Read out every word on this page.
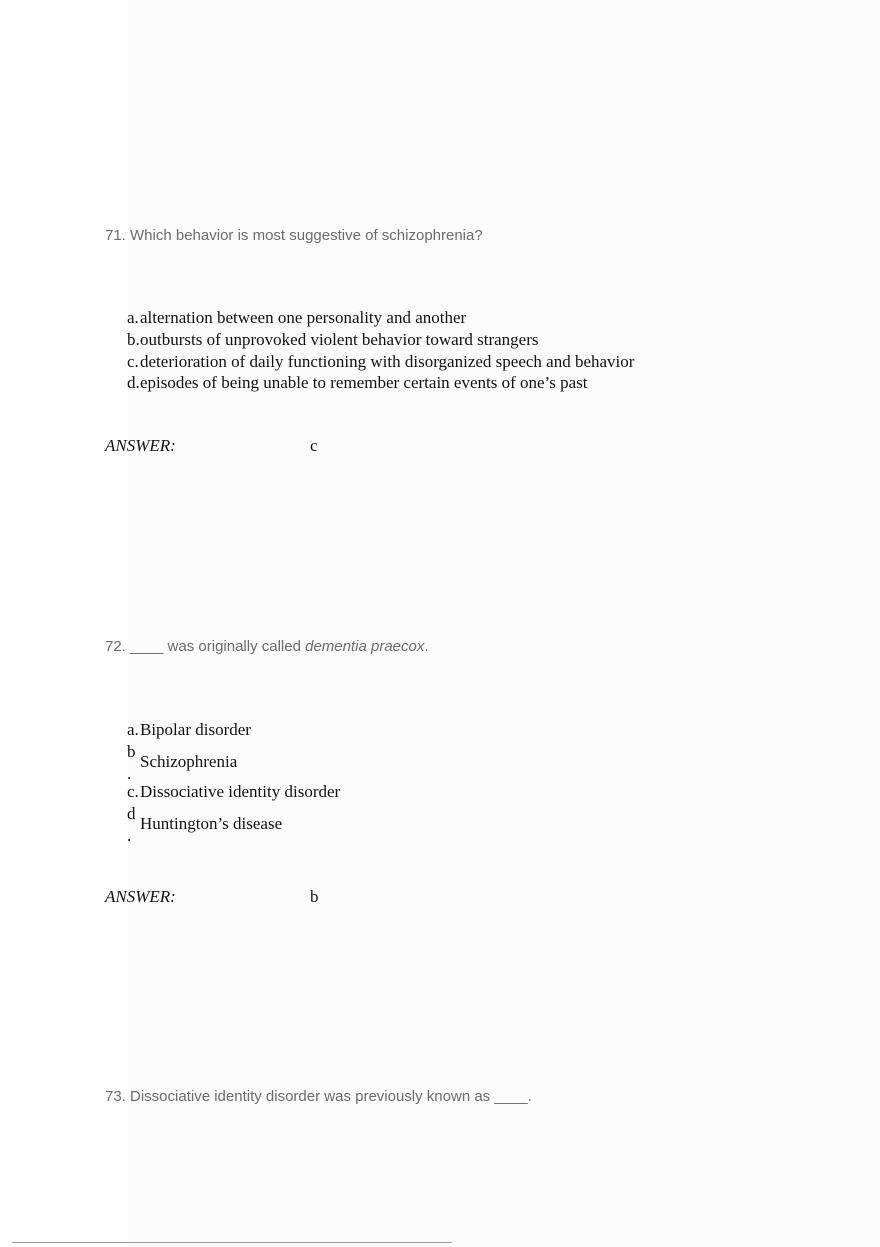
71. Which behavior is most suggestive of schizophrenia?
a.alternation between one personality and another
b.outbursts of unprovoked violent behavior toward strangers
c.deterioration of daily functioning with disorganized speech and behavior
d.episodes of being unable to remember certain events of one’s past
ANSWER:	c
72. ____ was originally called dementia praecox.
a.Bipolar disorder
b
.
Schizophrenia
c.Dissociative identity disorder
d
.
Huntington’s disease
ANSWER:	b
73. Dissociative identity disorder was previously known as ____.
